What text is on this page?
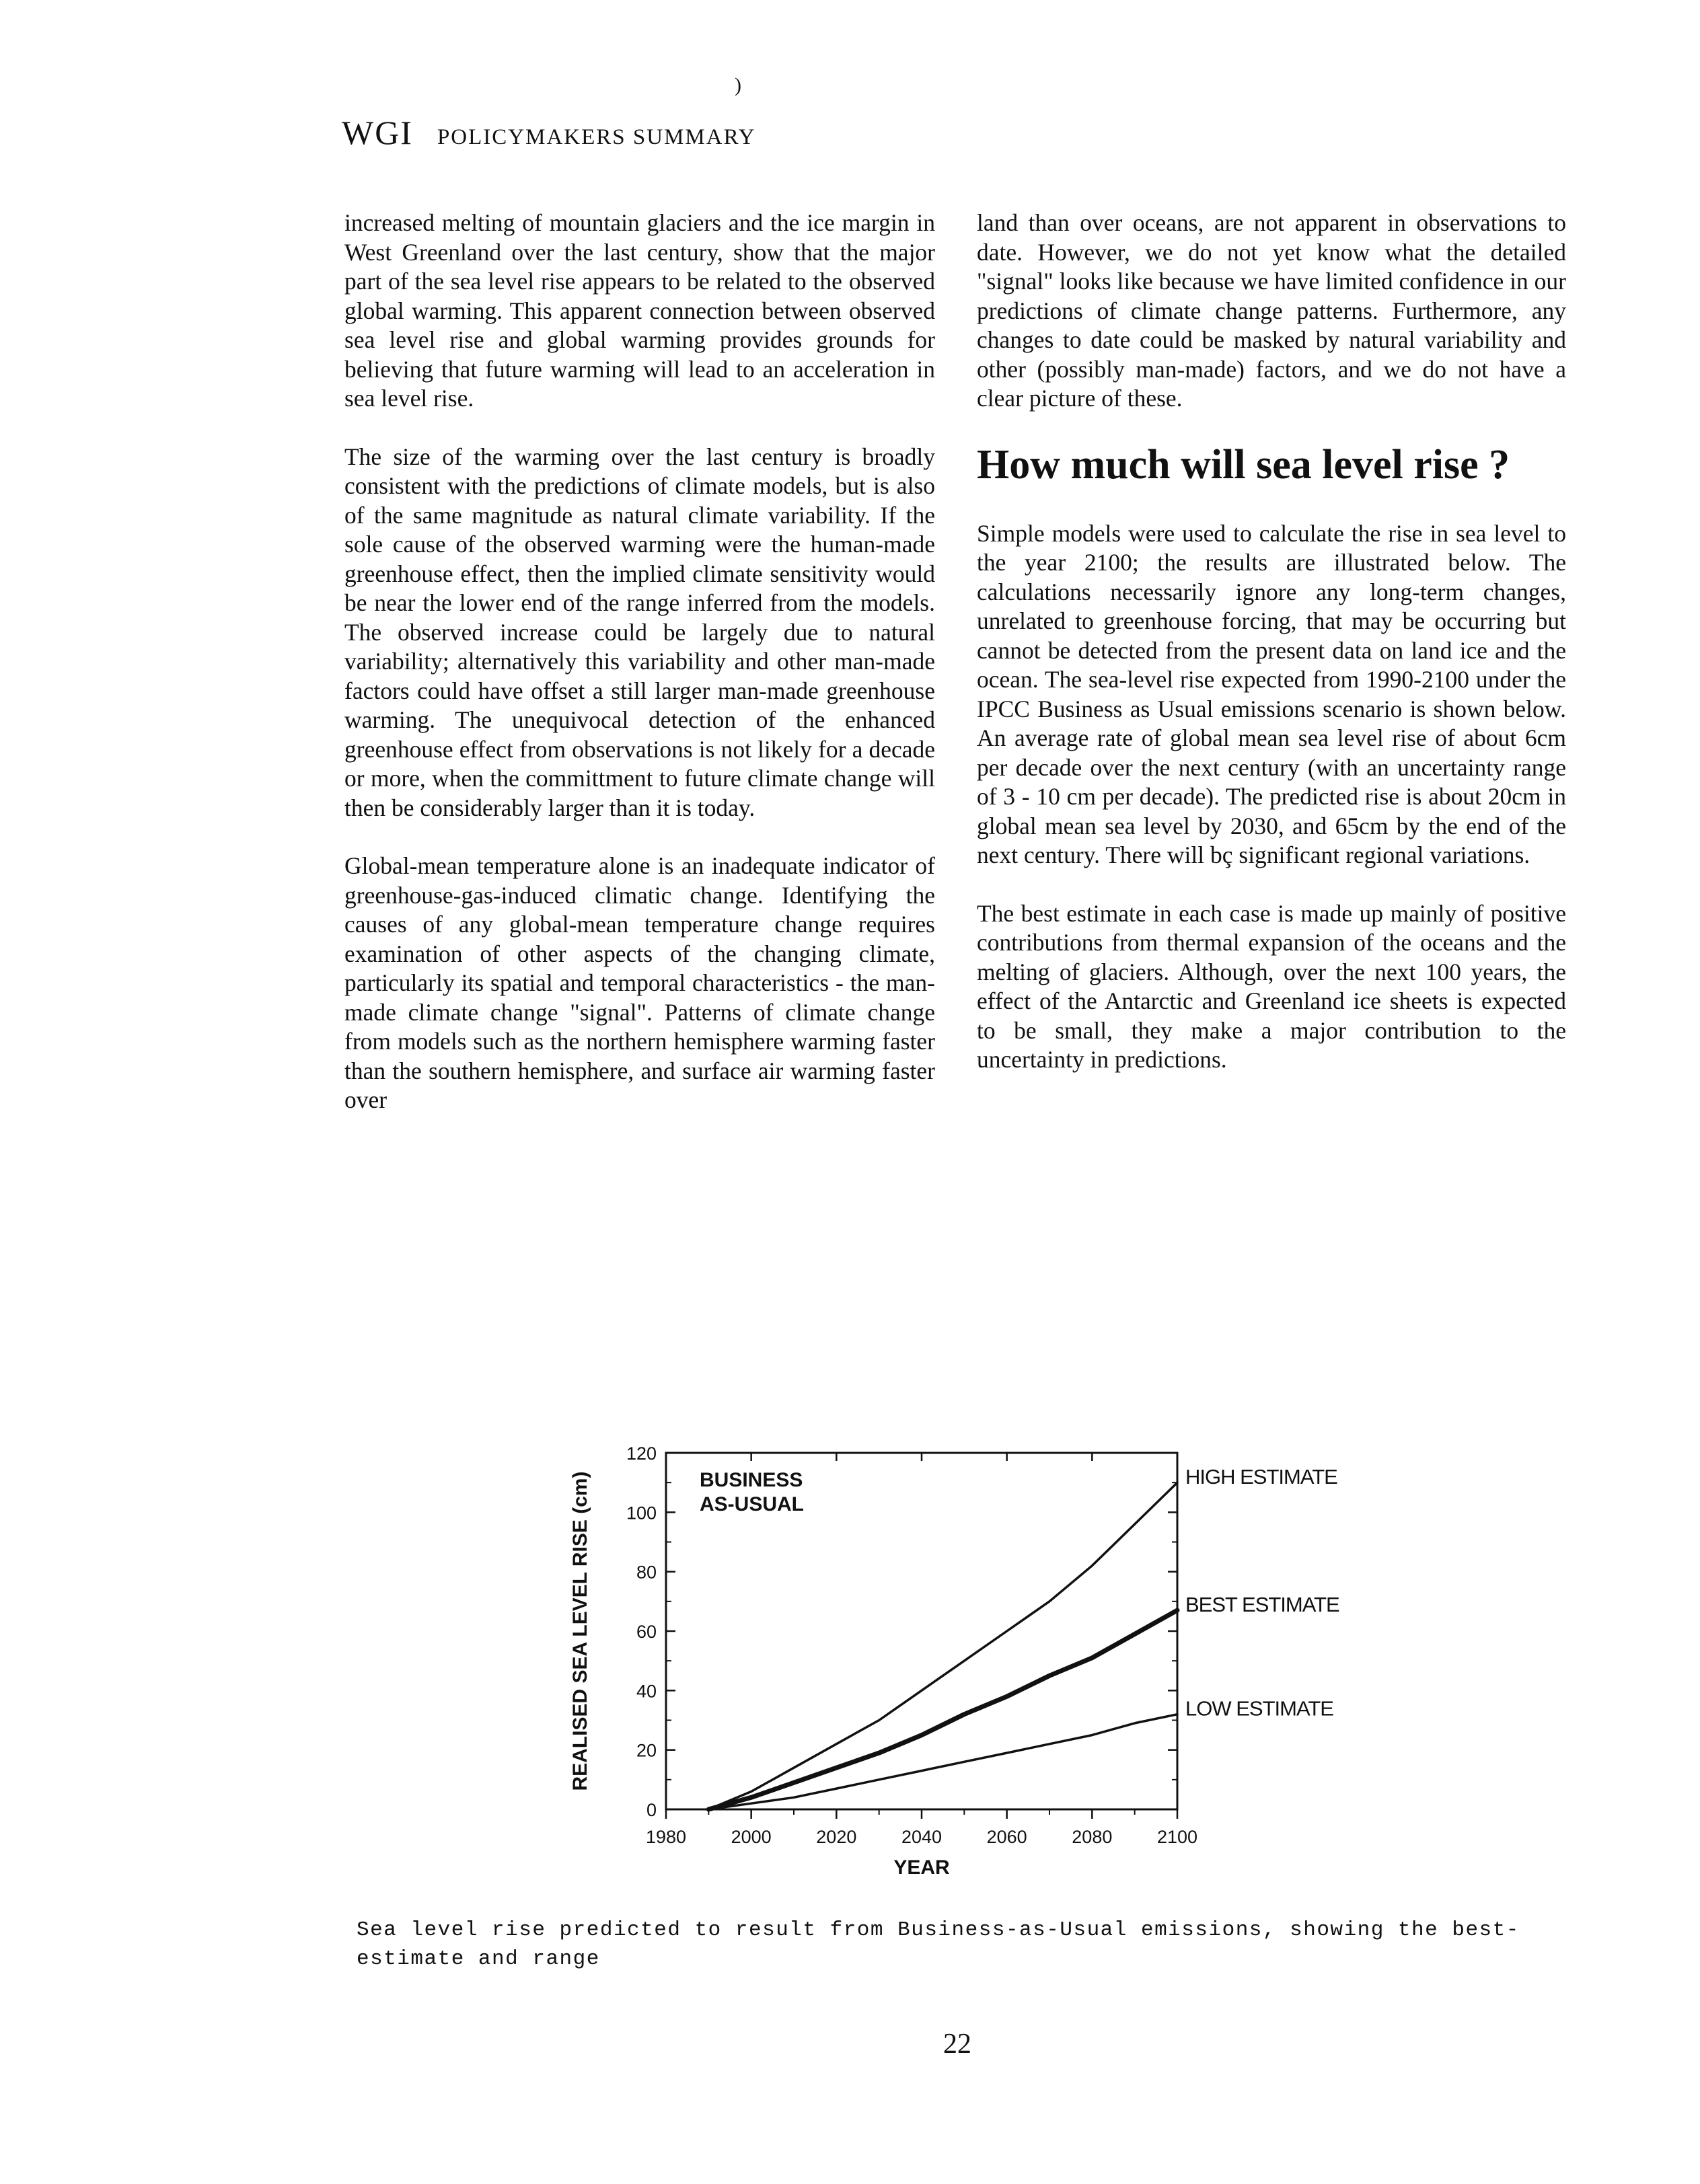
)
WGI POLICYMAKERS SUMMARY

increased melting of mountain glaciers and the ice margin in West Greenland over the last century, show that the major part of the sea level rise appears to be related to the observed global warming. This apparent connection between observed sea level rise and global warming provides grounds for believing that future warming will lead to an acceleration in sea level rise.

The size of the warming over the last century is broadly consistent with the predictions of climate models, but is also of the same magnitude as natural climate variability. If the sole cause of the observed warming were the human-made greenhouse effect, then the implied climate sensitivity would be near the lower end of the range inferred from the models. The observed increase could be largely due to natural variability; alternatively this variability and other man-made factors could have offset a still larger man-made greenhouse warming. The unequivocal detection of the enhanced greenhouse effect from observations is not likely for a decade or more, when the committment to future climate change will then be considerably larger than it is today.

Global-mean temperature alone is an inadequate indicator of greenhouse-gas-induced climatic change. Identifying the causes of any global-mean temperature change requires examination of other aspects of the changing climate, particularly its spatial and temporal characteristics - the man-made climate change "signal". Patterns of climate change from models such as the northern hemisphere warming faster than the southern hemisphere, and surface air warming faster over

land than over oceans, are not apparent in observations to date. However, we do not yet know what the detailed "signal" looks like because we have limited confidence in our predictions of climate change patterns. Furthermore, any changes to date could be masked by natural variability and other (possibly man-made) factors, and we do not have a clear picture of these.

How much will sea level rise ?

Simple models were used to calculate the rise in sea level to the year 2100; the results are illustrated below. The calculations necessarily ignore any long-term changes, unrelated to greenhouse forcing, that may be occurring but cannot be detected from the present data on land ice and the ocean. The sea-level rise expected from 1990-2100 under the IPCC Business as Usual emissions scenario is shown below. An average rate of global mean sea level rise of about 6cm per decade over the next century (with an uncertainty range of 3 - 10 cm per decade). The predicted rise is about 20cm in global mean sea level by 2030, and 65cm by the end of the next century. There will bç significant regional variations.

The best estimate in each case is made up mainly of positive contributions from thermal expansion of the oceans and the melting of glaciers. Although, over the next 100 years, the effect of the Antarctic and Greenland ice sheets is expected to be small, they make a major contribution to the uncertainty in predictions.

1980 2000 2020 2040 2060 2080 2100
0
20
40
60
80
100
120
HIGH ESTIMATE
BEST ESTIMATE
LOW ESTIMATE
BUSINESS
AS-USUAL
YEAR
REALISED SEA LEVEL RISE (cm)
Sea level rise predicted to result from Business-as-Usual emissions, showing the best-estimate and range
22
